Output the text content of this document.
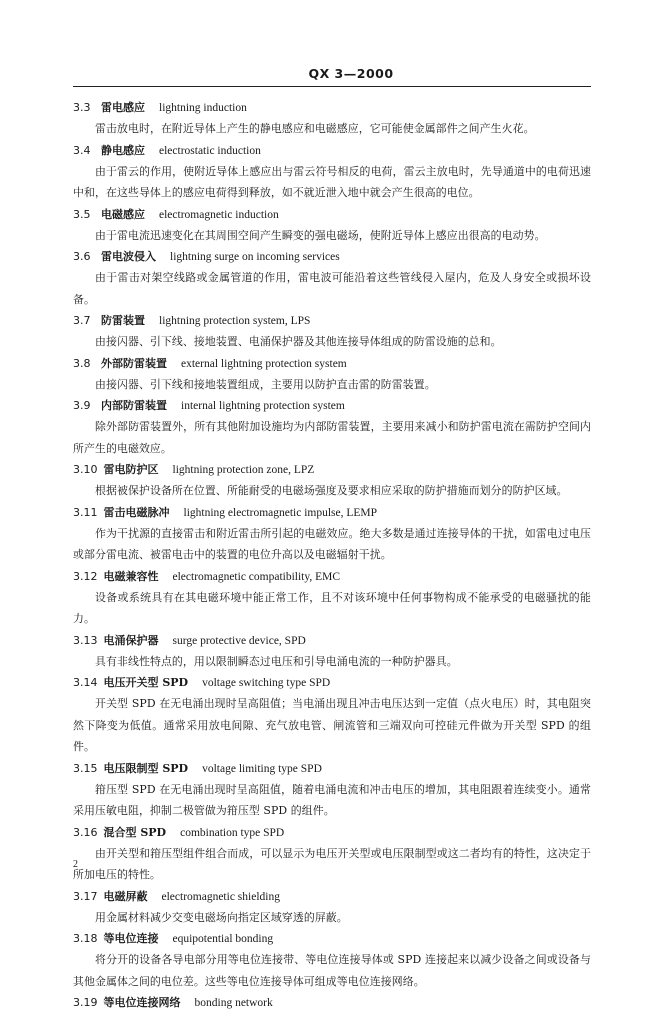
QX 3—2000
3.3 雷电感应 lightning induction
雷击放电时，在附近导体上产生的静电感应和电磁感应，它可能使金属部件之间产生火花。
3.4 静电感应 electrostatic induction
由于雷云的作用，使附近导体上感应出与雷云符号相反的电荷，雷云主放电时，先导通道中的电荷迅速中和，在这些导体上的感应电荷得到释放，如不就近泄入地中就会产生很高的电位。
3.5 电磁感应 electromagnetic induction
由于雷电流迅速变化在其周围空间产生瞬变的强电磁场，使附近导体上感应出很高的电动势。
3.6 雷电波侵入 lightning surge on incoming services
由于雷击对架空线路或金属管道的作用，雷电波可能沿着这些管线侵入屋内，危及人身安全或损坏设备。
3.7 防雷装置 lightning protection system, LPS
由接闪器、引下线、接地装置、电涌保护器及其他连接导体组成的防雷设施的总和。
3.8 外部防雷装置 external lightning protection system
由接闪器、引下线和接地装置组成，主要用以防护直击雷的防雷装置。
3.9 内部防雷装置 internal lightning protection system
除外部防雷装置外，所有其他附加设施均为内部防雷装置，主要用来减小和防护雷电流在需防护空间内所产生的电磁效应。
3.10 雷电防护区 lightning protection zone, LPZ
根据被保护设备所在位置、所能耐受的电磁场强度及要求相应采取的防护措施而划分的防护区域。
3.11 雷击电磁脉冲 lightning electromagnetic impulse, LEMP
作为干扰源的直接雷击和附近雷击所引起的电磁效应。绝大多数是通过连接导体的干扰，如雷电过电压或部分雷电流、被雷电击中的装置的电位升高以及电磁辐射干扰。
3.12 电磁兼容性 electromagnetic compatibility, EMC
设备或系统具有在其电磁环境中能正常工作，且不对该环境中任何事物构成不能承受的电磁骚扰的能力。
3.13 电涌保护器 surge protective device, SPD
具有非线性特点的，用以限制瞬态过电压和引导电涌电流的一种防护器具。
3.14 电压开关型 SPD voltage switching type SPD
开关型 SPD 在无电涌出现时呈高阻值；当电涌出现且冲击电压达到一定值（点火电压）时，其电阻突然下降变为低值。通常采用放电间隙、充气放电管、闸流管和三端双向可控硅元件做为开关型 SPD 的组件。
3.15 电压限制型 SPD voltage limiting type SPD
箝压型 SPD 在无电涌出现时呈高阻值，随着电涌电流和冲击电压的增加，其电阻跟着连续变小。通常采用压敏电阻，抑制二极管做为箝压型 SPD 的组件。
3.16 混合型 SPD combination type SPD
由开关型和箝压型组件组合而成，可以显示为电压开关型或电压限制型或这二者均有的特性，这决定于所加电压的特性。
3.17 电磁屏蔽 electromagnetic shielding
用金属材料减少交变电磁场向指定区域穿透的屏蔽。
3.18 等电位连接 equipotential bonding
将分开的设备各导电部分用等电位连接带、等电位连接导体或 SPD 连接起来以减少设备之间或设备与其他金属体之间的电位差。这些等电位连接导体可组成等电位连接网络。
3.19 等电位连接网络 bonding network
2
